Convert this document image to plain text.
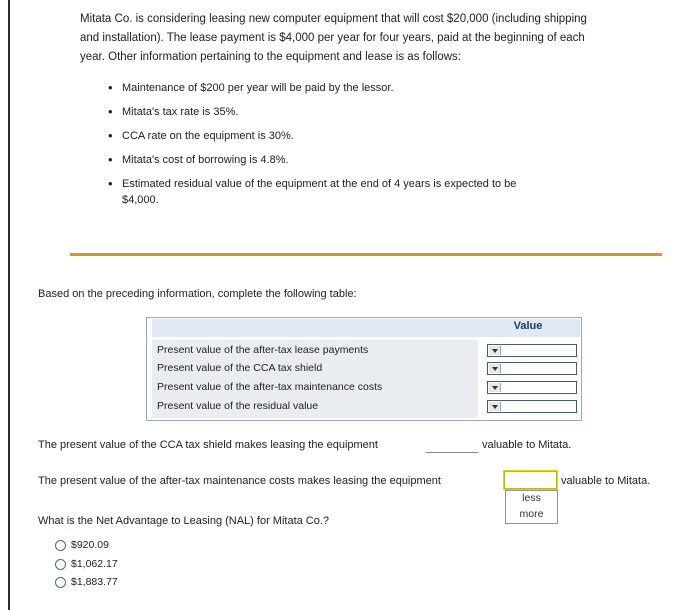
Mitata Co. is considering leasing new computer equipment that will cost $20,000 (including shipping
and installation). The lease payment is $4,000 per year for four years, paid at the beginning of each
year. Other information pertaining to the equipment and lease is as follows:
• Maintenance of $200 per year will be paid by the lessor.
• Mitata's tax rate is 35%.
• CCA rate on the equipment is 30%.
• Mitata's cost of borrowing is 4.8%.
• Estimated residual value of the equipment at the end of 4 years is expected to be
$4,000.
Based on the preceding information, complete the following table:
Value
Present value of the after-tax lease payments
Present value of the CCA tax shield
Present value of the after-tax maintenance costs
Present value of the residual value
The present value of the CCA tax shield makes leasing the equipment	valuable to Mitata.
The present value of the after-tax maintenance costs makes leasing the equipment	valuable to Mitata.
less
more
What is the Net Advantage to Leasing (NAL) for Mitata Co.?
$920.09
$1,062.17
$1,883.77
